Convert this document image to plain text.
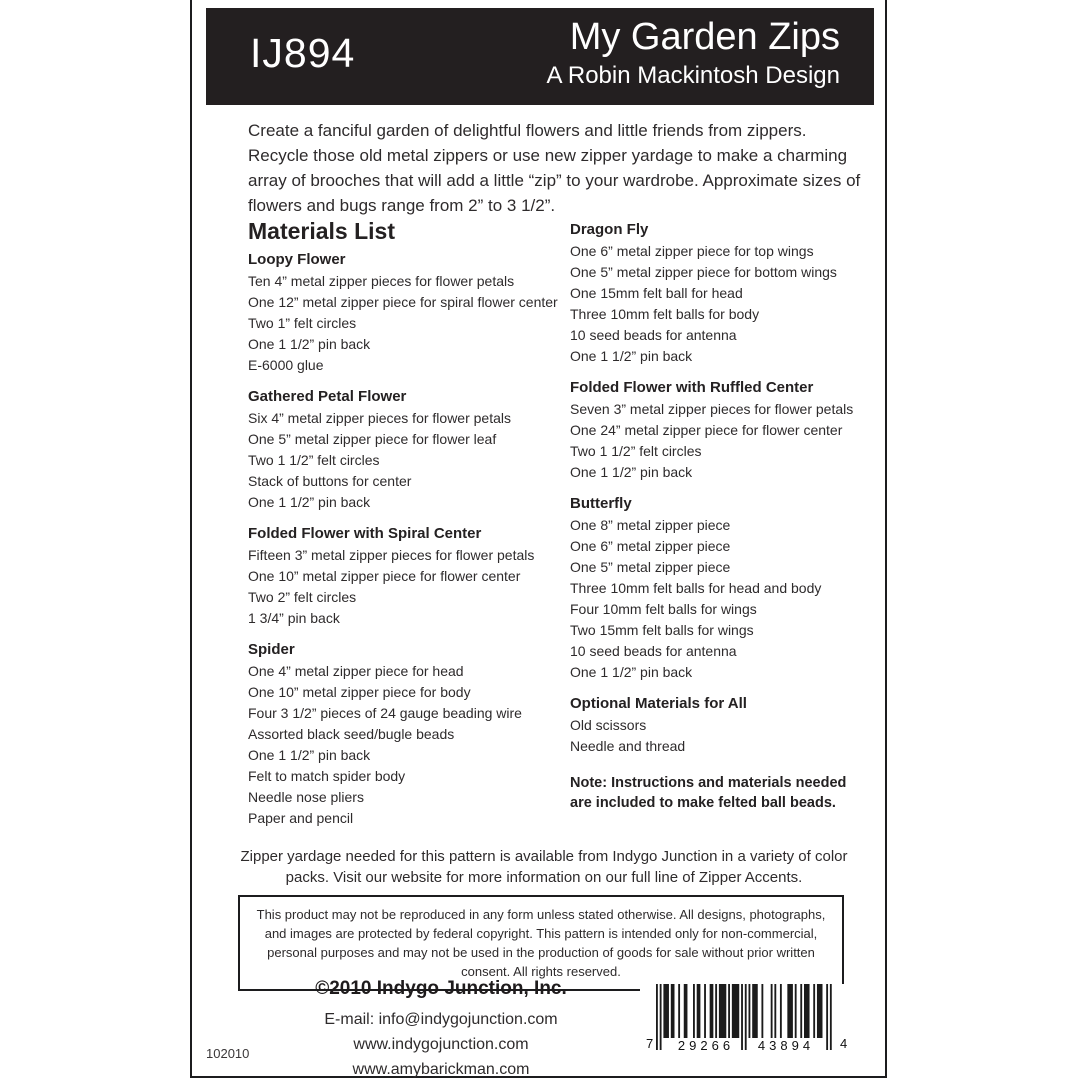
IJ894	My Garden Zips
A Robin Mackintosh Design

Create a fanciful garden of delightful flowers and little friends from zippers. Recycle those old metal zippers or use new zipper yardage to make a charming array of brooches that will add a little “zip” to your wardrobe. Approximate sizes of flowers and bugs range from 2” to 3 1/2”.

Materials List
Loopy Flower
Ten 4” metal zipper pieces for flower petals
One 12” metal zipper piece for spiral flower center
Two 1” felt circles
One 1 1/2” pin back
E-6000 glue
Gathered Petal Flower
Six 4” metal zipper pieces for flower petals
One 5” metal zipper piece for flower leaf
Two 1 1/2” felt circles
Stack of buttons for center
One 1 1/2” pin back
Folded Flower with Spiral Center
Fifteen 3” metal zipper pieces for flower petals
One 10” metal zipper piece for flower center
Two 2” felt circles
1 3/4” pin back
Spider
One 4” metal zipper piece for head
One 10” metal zipper piece for body
Four 3 1/2” pieces of 24 gauge beading wire
Assorted black seed/bugle beads
One 1 1/2” pin back
Felt to match spider body
Needle nose pliers
Paper and pencil
Dragon Fly
One 6” metal zipper piece for top wings
One 5” metal zipper piece for bottom wings
One 15mm felt ball for head
Three 10mm felt balls for body
10 seed beads for antenna
One 1 1/2” pin back
Folded Flower with Ruffled Center
Seven 3” metal zipper pieces for flower petals
One 24” metal zipper piece for flower center
Two 1 1/2” felt circles
One 1 1/2” pin back
Butterfly
One 8” metal zipper piece
One 6” metal zipper piece
One 5” metal zipper piece
Three 10mm felt balls for head and body
Four 10mm felt balls for wings
Two 15mm felt balls for wings
10 seed beads for antenna
One 1 1/2” pin back
Optional Materials for All
Old scissors
Needle and thread

Note: Instructions and materials needed are included to make felted ball beads.

Zipper yardage needed for this pattern is available from Indygo Junction in a variety of color packs. Visit our website for more information on our full line of Zipper Accents.

This product may not be reproduced in any form unless stated otherwise. All designs, photographs, and images are protected by federal copyright. This pattern is intended only for non-commercial, personal purposes and may not be used in the production of goods for sale without prior written consent. All rights reserved.

©2010 Indygo Junction, Inc.
E-mail: info@indygojunction.com
www.indygojunction.com
www.amybarickman.com
102010
7	29266	43894	4
